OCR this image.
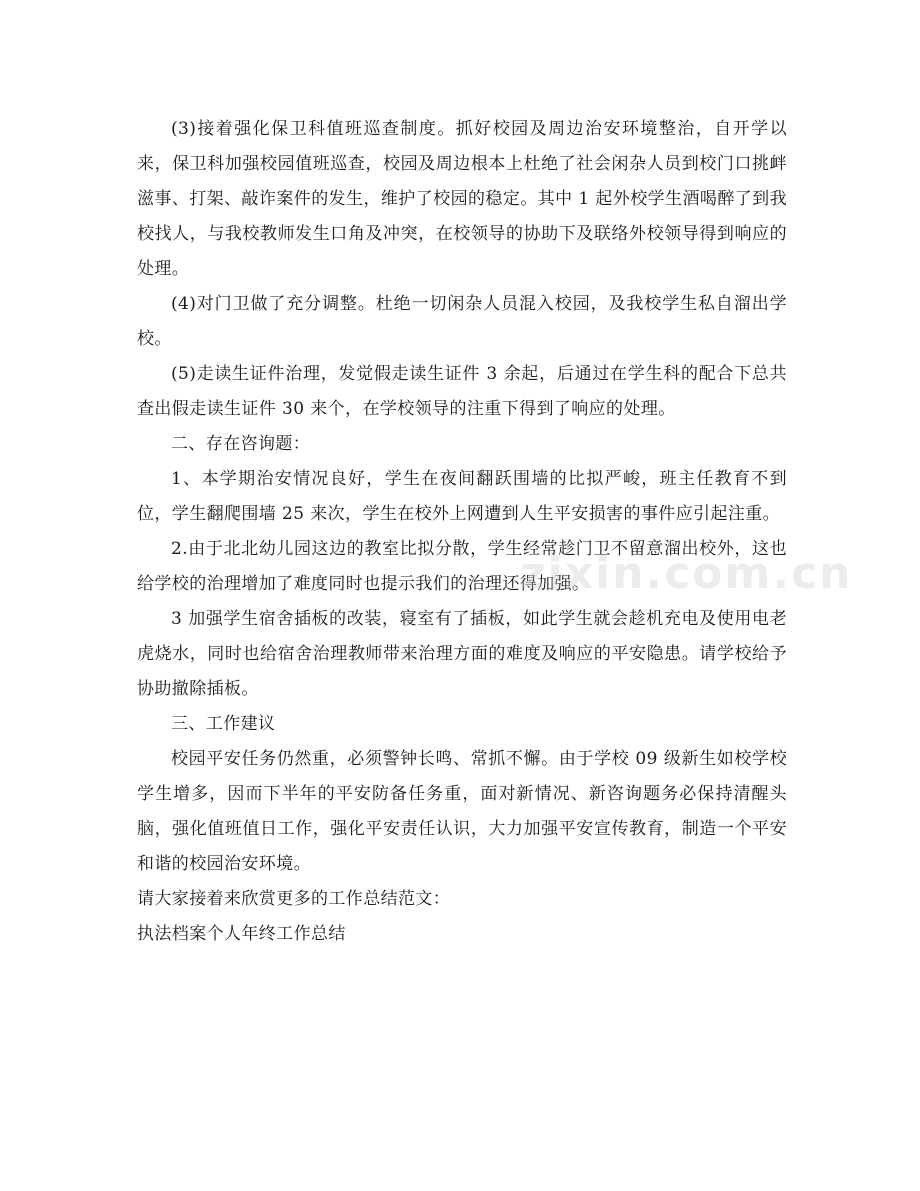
(3)接着强化保卫科值班巡查制度。抓好校园及周边治安环境整治，自开学以来，保卫科加强校园值班巡查，校园及周边根本上杜绝了社会闲杂人员到校门口挑衅滋事、打架、敲诈案件的发生，维护了校园的稳定。其中 1 起外校学生酒喝醉了到我校找人，与我校教师发生口角及冲突，在校领导的协助下及联络外校领导得到响应的处理。

(4)对门卫做了充分调整。杜绝一切闲杂人员混入校园，及我校学生私自溜出学校。

(5)走读生证件治理，发觉假走读生证件 3 余起，后通过在学生科的配合下总共查出假走读生证件 30 来个，在学校领导的注重下得到了响应的处理。

二、存在咨询题：

1、本学期治安情况良好，学生在夜间翻跃围墙的比拟严峻，班主任教育不到位，学生翻爬围墙 25 来次，学生在校外上网遭到人生平安损害的事件应引起注重。

2.由于北北幼儿园这边的教室比拟分散，学生经常趁门卫不留意溜出校外，这也给学校的治理增加了难度同时也提示我们的治理还得加强。

3 加强学生宿舍插板的改装，寝室有了插板，如此学生就会趁机充电及使用电老虎烧水，同时也给宿舍治理教师带来治理方面的难度及响应的平安隐患。请学校给予协助撤除插板。

三、工作建议

校园平安任务仍然重，必须警钟长鸣、常抓不懈。由于学校 09 级新生如校学校学生增多，因而下半年的平安防备任务重，面对新情况、新咨询题务必保持清醒头脑，强化值班值日工作，强化平安责任认识，大力加强平安宣传教育，制造一个平安和谐的校园治安环境。

请大家接着来欣赏更多的工作总结范文：

执法档案个人年终工作总结

zixin.com.cn
